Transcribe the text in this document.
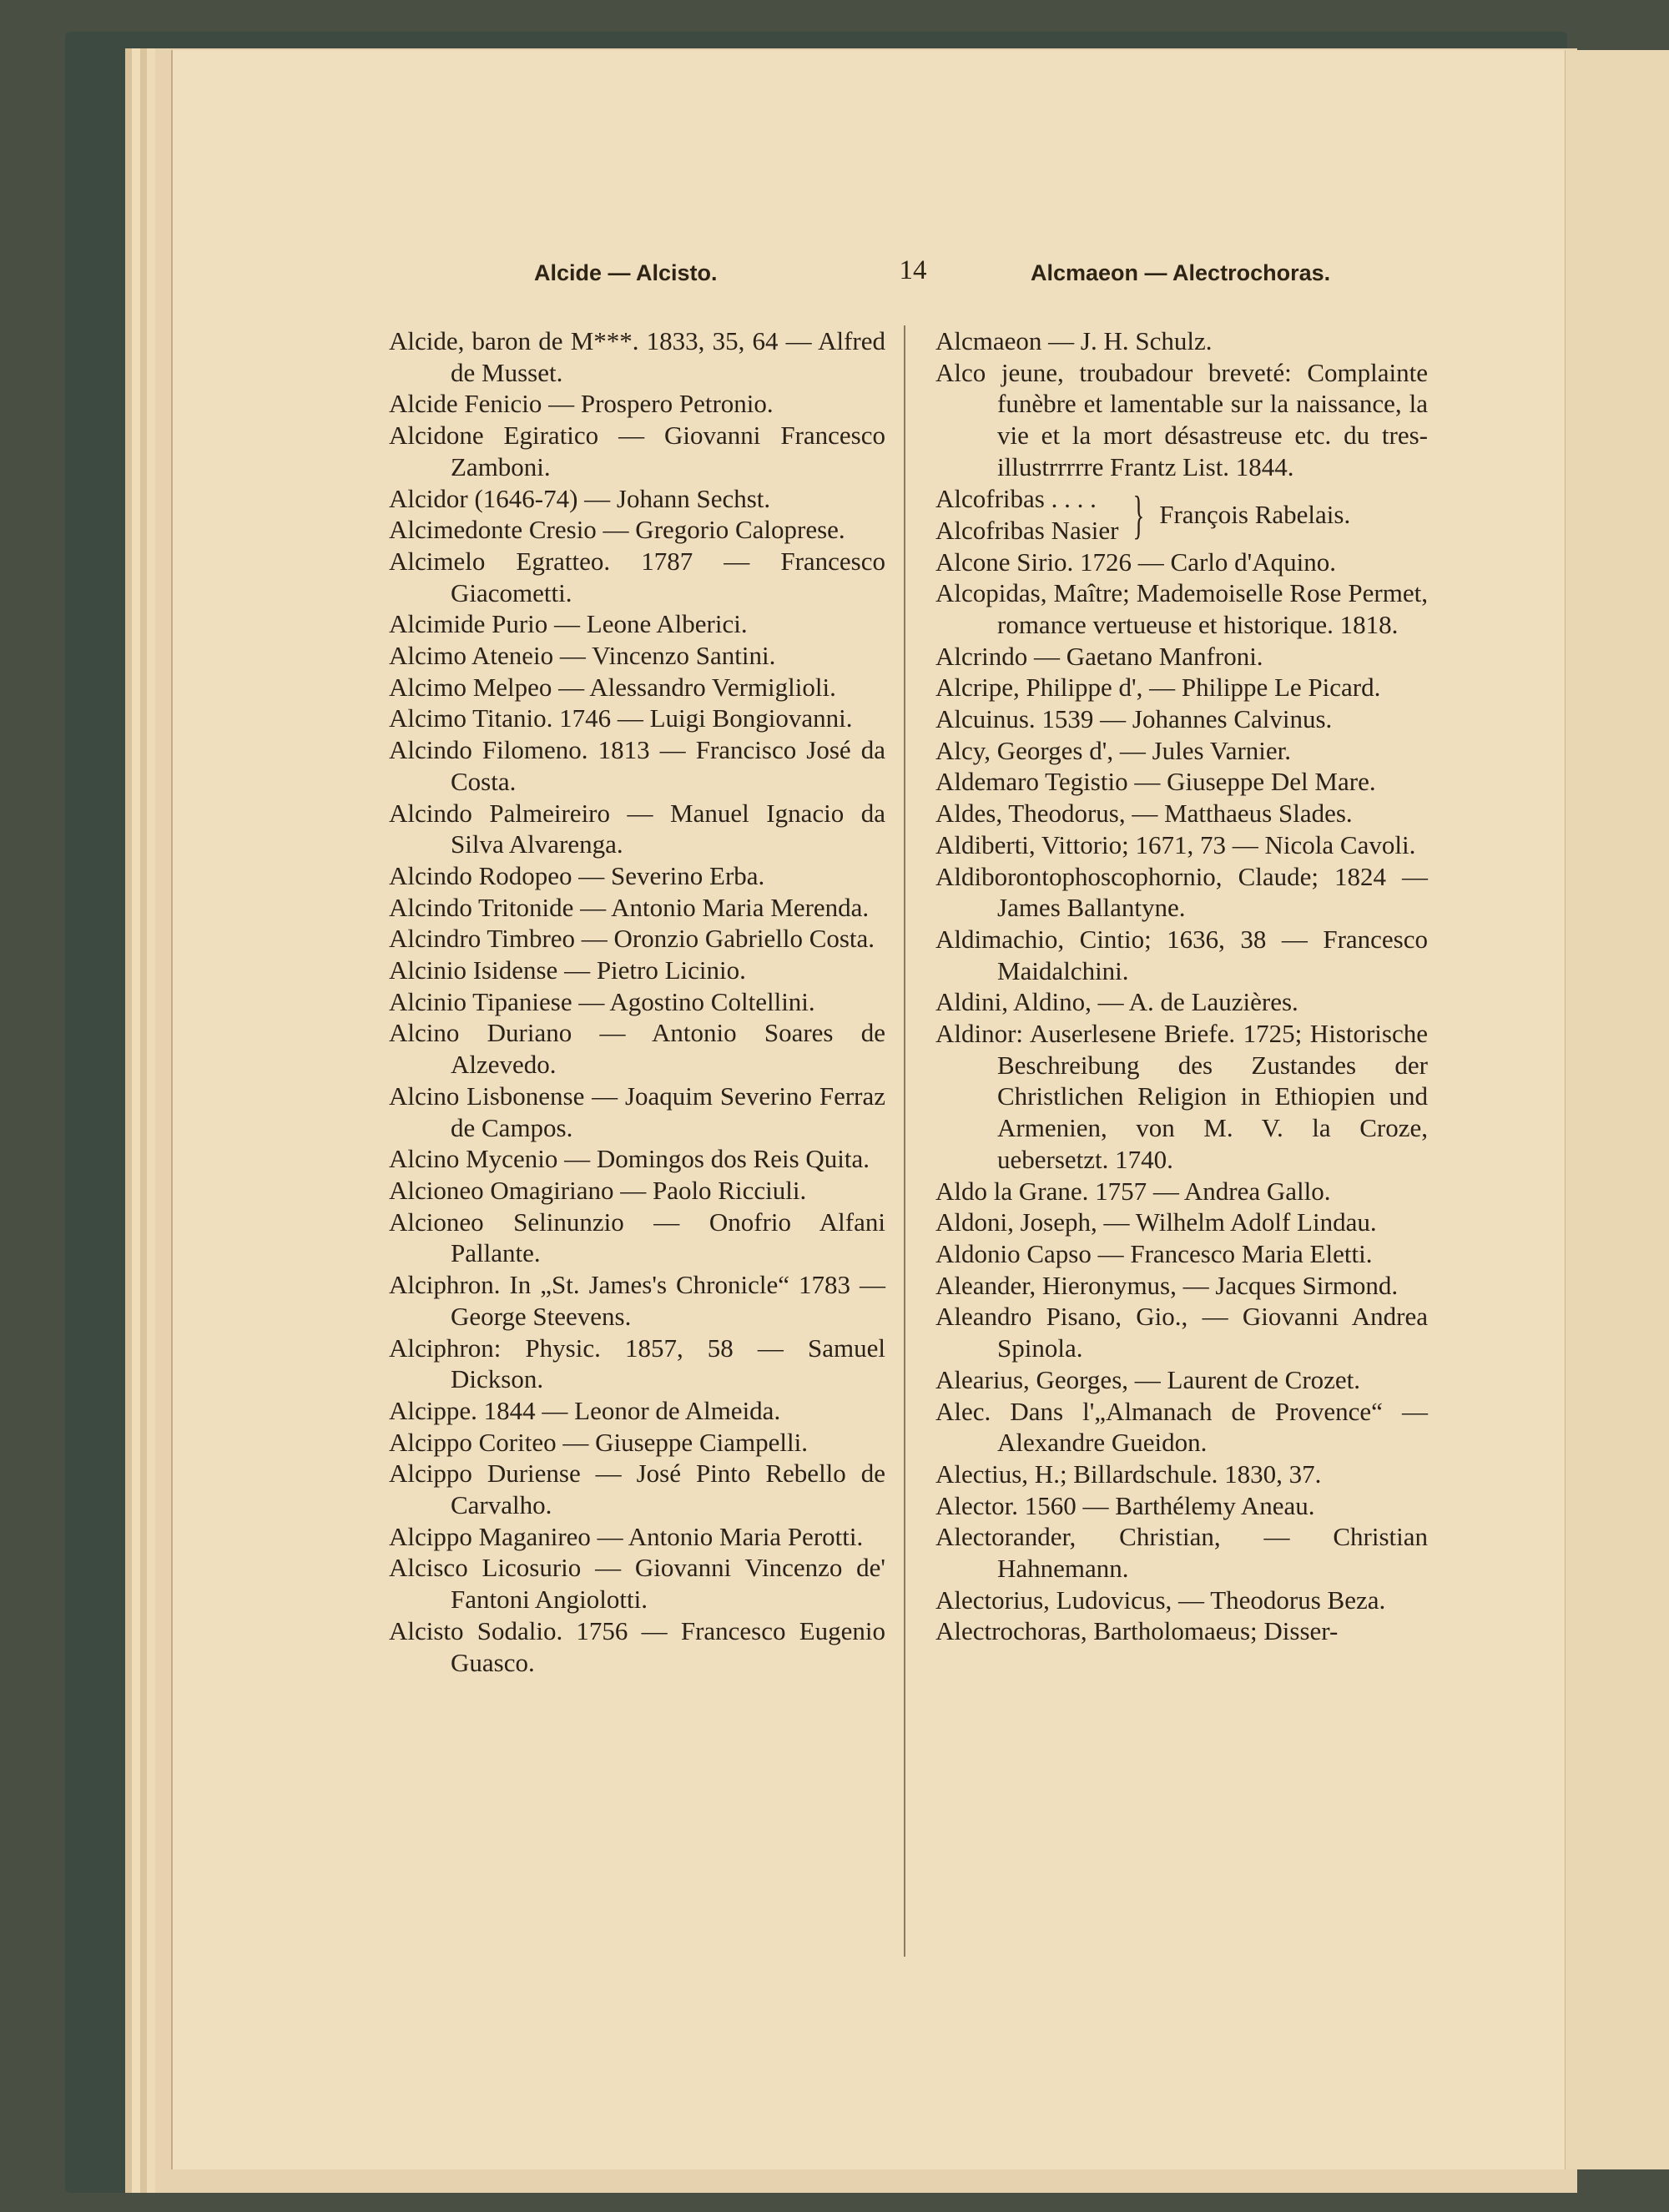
Alcide — Alcisto.	14	Alcmaeon — Alectrochoras.

Alcide, baron de M***. 1833, 35, 64 — Alfred de Musset.

Alcide Fenicio — Prospero Petronio.

Alcidone Egiratico — Giovanni Francesco Zamboni.

Alcidor (1646-74) — Johann Sechst.

Alcimedonte Cresio — Gregorio Caloprese.

Alcimelo Egratteo. 1787 — Francesco Giacometti.

Alcimide Purio — Leone Alberici.

Alcimo Ateneio — Vincenzo Santini.

Alcimo Melpeo — Alessandro Vermiglioli.

Alcimo Titanio. 1746 — Luigi Bongiovanni.

Alcindo Filomeno. 1813 — Francisco José da Costa.

Alcindo Palmeireiro — Manuel Ignacio da Silva Alvarenga.

Alcindo Rodopeo — Severino Erba.

Alcindo Tritonide — Antonio Maria Merenda.

Alcindro Timbreo — Oronzio Gabriello Costa.

Alcinio Isidense — Pietro Licinio.

Alcinio Tipaniese — Agostino Coltellini.

Alcino Duriano — Antonio Soares de Alzevedo.

Alcino Lisbonense — Joaquim Severino Ferraz de Campos.

Alcino Mycenio — Domingos dos Reis Quita.

Alcioneo Omagiriano — Paolo Ricciuli.

Alcioneo Selinunzio — Onofrio Alfani Pallante.

Alciphron. In „St. James's Chronicle“ 1783 — George Steevens.

Alciphron: Physic. 1857, 58 — Samuel Dickson.

Alcippe. 1844 — Leonor de Almeida.

Alcippo Coriteo — Giuseppe Ciampelli.

Alcippo Duriense — José Pinto Rebello de Carvalho.

Alcippo Maganireo — Antonio Maria Perotti.

Alcisco Licosurio — Giovanni Vincenzo de' Fantoni Angiolotti.

Alcisto Sodalio. 1756 — Francesco Eugenio Guasco.

Alcmaeon — J. H. Schulz.

Alco jeune, troubadour breveté: Complainte funèbre et lamentable sur la naissance, la vie et la mort désastreuse etc. du tres-illustrrrrre Frantz List. 1844.

Alcofribas . . . .
Alcofribas Nasier } François Rabelais.

Alcone Sirio. 1726 — Carlo d'Aquino.

Alcopidas, Maître; Mademoiselle Rose Permet, romance vertueuse et historique. 1818.

Alcrindo — Gaetano Manfroni.

Alcripe, Philippe d', — Philippe Le Picard.

Alcuinus. 1539 — Johannes Calvinus.

Alcy, Georges d', — Jules Varnier.

Aldemaro Tegistio — Giuseppe Del Mare.

Aldes, Theodorus, — Matthaeus Slades.

Aldiberti, Vittorio; 1671, 73 — Nicola Cavoli.

Aldiborontophoscophornio, Claude; 1824 — James Ballantyne.

Aldimachio, Cintio; 1636, 38 — Francesco Maidalchini.

Aldini, Aldino, — A. de Lauzières.

Aldinor: Auserlesene Briefe. 1725; Historische Beschreibung des Zustandes der Christlichen Religion in Ethiopien und Armenien, von M. V. la Croze, uebersetzt. 1740.

Aldo la Grane. 1757 — Andrea Gallo.

Aldoni, Joseph, — Wilhelm Adolf Lindau.

Aldonio Capso — Francesco Maria Eletti.

Aleander, Hieronymus, — Jacques Sirmond.

Aleandro Pisano, Gio., — Giovanni Andrea Spinola.

Alearius, Georges, — Laurent de Crozet.

Alec. Dans l'„Almanach de Provence“ — Alexandre Gueidon.

Alectius, H.; Billardschule. 1830, 37.

Alector. 1560 — Barthélemy Aneau.

Alectorander, Christian, — Christian Hahnemann.

Alectorius, Ludovicus, — Theodorus Beza.

Alectrochoras, Bartholomaeus; Disser-
